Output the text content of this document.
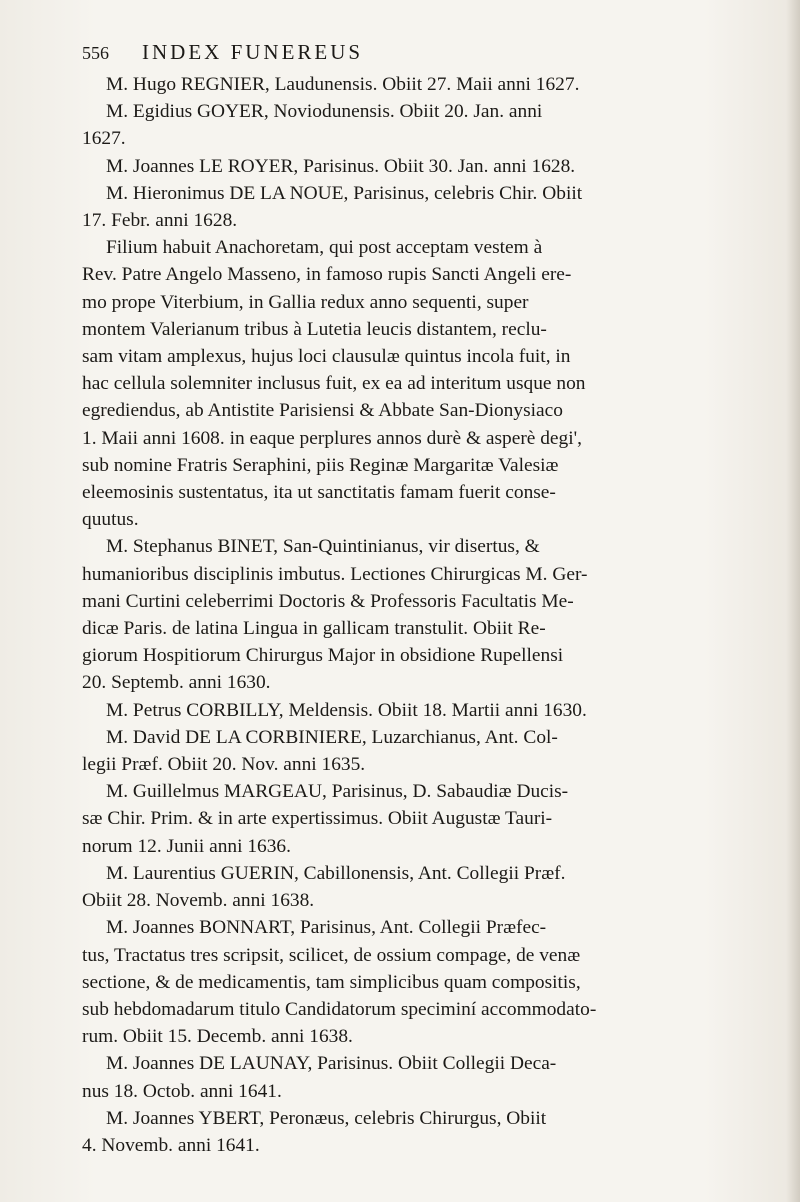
556	INDEX FUNEREUS
M. Hugo REGNIER, Laudunensis. Obiit 27. Maii anni 1627.
M. Egidius GOYER, Noviodunensis. Obiit 20. Jan. anni
1627.
M. Joannes LE ROYER, Parisinus. Obiit 30. Jan. anni 1628.
M. Hieronimus DE LA NOUE, Parisinus, celebris Chir. Obiit
17. Febr. anni 1628.
Filium habuit Anachoretam, qui post acceptam vestem à
Rev. Patre Angelo Masseno, in famoso rupis Sancti Angeli ere-
mo prope Viterbium, in Gallia redux anno sequenti, super
montem Valerianum tribus à Lutetia leucis distantem, reclu-
sam vitam amplexus, hujus loci clausulæ quintus incola fuit, in
hac cellula solemniter inclusus fuit, ex ea ad interitum usque non
egrediendus, ab Antistite Parisiensi & Abbate San-Dionysiaco
1. Maii anni 1608. in eaque perplures annos durè & asperè degi',
sub nomine Fratris Seraphini, piis Reginæ Margaritæ Valesiæ
eleemosinis sustentatus, ita ut sanctitatis famam fuerit conse-
quutus.
M. Stephanus BINET, San-Quintinianus, vir disertus, &
humanioribus disciplinis imbutus. Lectiones Chirurgicas M. Ger-
mani Curtini celeberrimi Doctoris & Professoris Facultatis Me-
dicæ Paris. de latina Lingua in gallicam transtulit. Obiit Re-
giorum Hospitiorum Chirurgus Major in obsidione Rupellensi
20. Septemb. anni 1630.
M. Petrus CORBILLY, Meldensis. Obiit 18. Martii anni 1630.
M. David DE LA CORBINIERE, Luzarchianus, Ant. Col-
legii Præf. Obiit 20. Nov. anni 1635.
M. Guillelmus MARGEAU, Parisinus, D. Sabaudiæ Ducis-
sæ Chir. Prim. & in arte expertissimus. Obiit Augustæ Tauri-
norum 12. Junii anni 1636.
M. Laurentius GUERIN, Cabillonensis, Ant. Collegii Præf.
Obiit 28. Novemb. anni 1638.
M. Joannes BONNART, Parisinus, Ant. Collegii Præfec-
tus, Tractatus tres scripsit, scilicet, de ossium compage, de venæ
sectione, & de medicamentis, tam simplicibus quam compositis,
sub hebdomadarum titulo Candidatorum speciminí accommodato-
rum. Obiit 15. Decemb. anni 1638.
M. Joannes DE LAUNAY, Parisinus. Obiit Collegii Deca-
nus 18. Octob. anni 1641.
M. Joannes YBERT, Peronæus, celebris Chirurgus, Obiit
4. Novemb. anni 1641.
